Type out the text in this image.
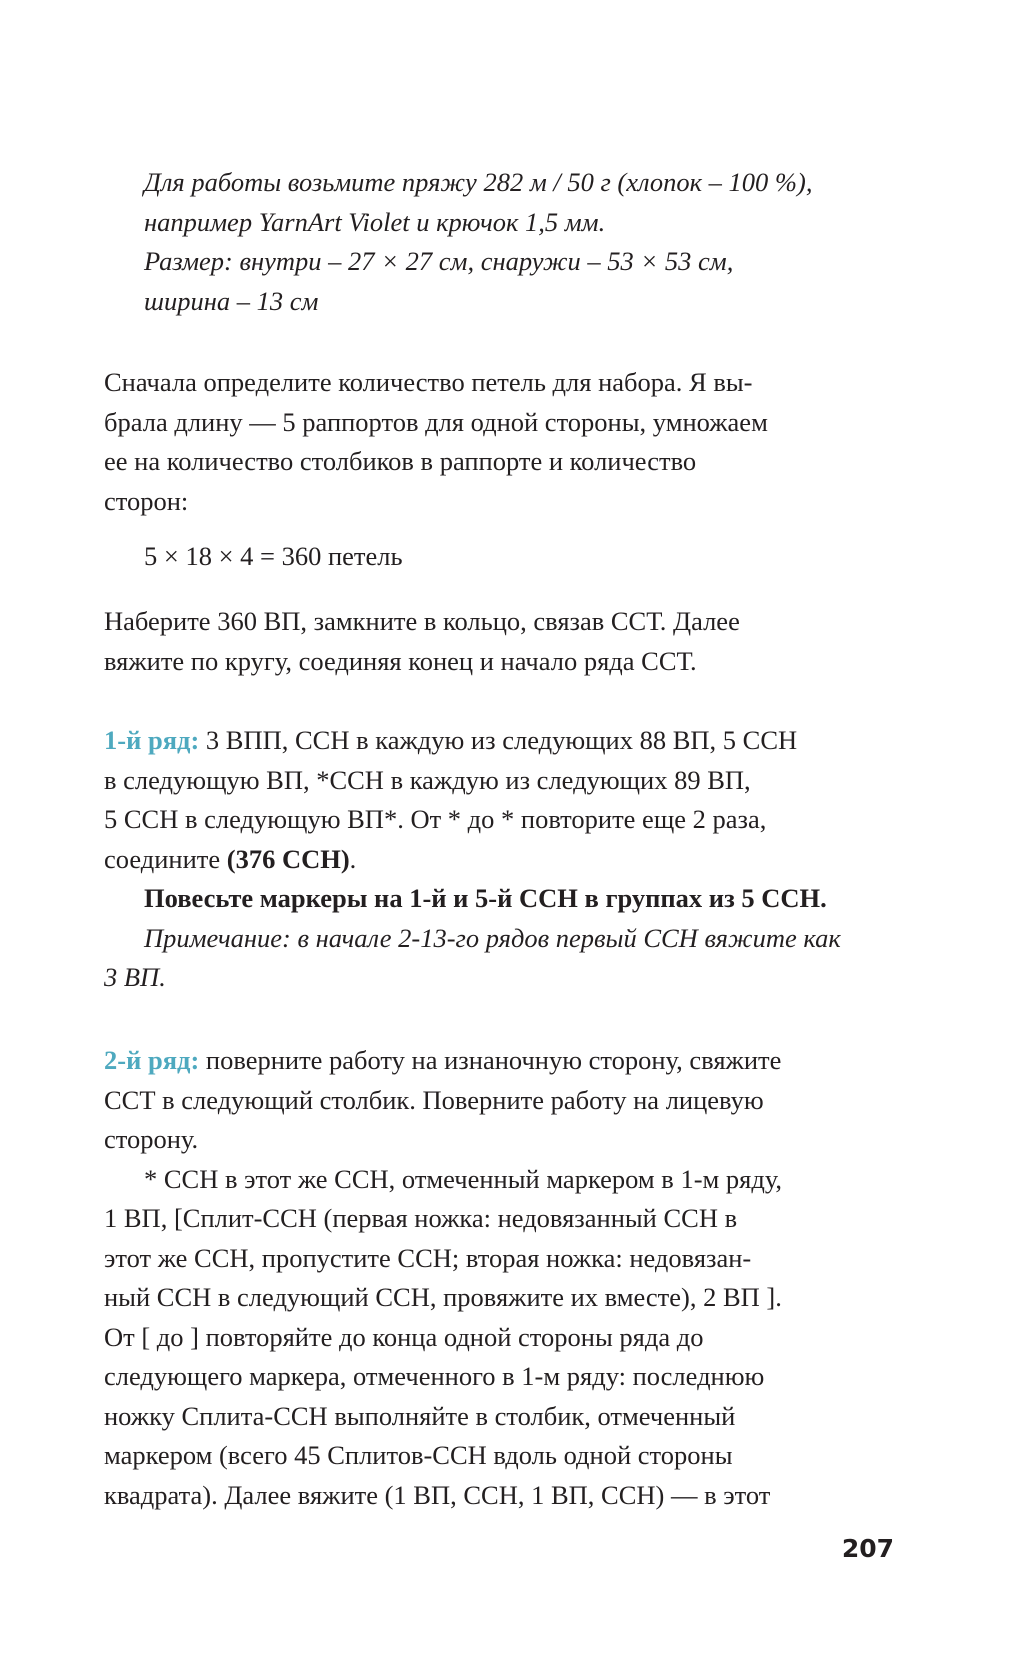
Для работы возьмите пряжу 282 м / 50 г (хлопок – 100 %),
например YarnArt Violet и крючок 1,5 мм.
Размер: внутри – 27 × 27 см, снаружи – 53 × 53 см,
ширина – 13 см
Сначала определите количество петель для набора. Я вы-
брала длину — 5 раппортов для одной стороны, умножаем
ее на количество столбиков в раппорте и количество
сторон:
5 × 18 × 4 = 360 петель
Наберите 360 ВП, замкните в кольцо, связав ССТ. Далее
вяжите по кругу, соединяя конец и начало ряда ССТ.
1-й ряд: 3 ВПП, ССН в каждую из следующих 88 ВП, 5 ССН
в следующую ВП, *ССН в каждую из следующих 89 ВП,
5 ССН в следующую ВП*. От * до * повторите еще 2 раза,
соедините (376 ССН).
Повесьте маркеры на 1-й и 5-й ССН в группах из 5 ССН.
Примечание: в начале 2-13-го рядов первый ССН вяжите как
3 ВП.
2-й ряд: поверните работу на изнаночную сторону, свяжите
ССТ в следующий столбик. Поверните работу на лицевую
сторону.
* ССН в этот же ССН, отмеченный маркером в 1-м ряду,
1 ВП, [Сплит-ССН (первая ножка: недовязанный ССН в
этот же ССН, пропустите ССН; вторая ножка: недовязан-
ный ССН в следующий ССН, провяжите их вместе), 2 ВП ].
От [ до ] повторяйте до конца одной стороны ряда до
следующего маркера, отмеченного в 1-м ряду: последнюю
ножку Сплита-ССН выполняйте в столбик, отмеченный
маркером (всего 45 Сплитов-ССН вдоль одной стороны
квадрата). Далее вяжите (1 ВП, ССН, 1 ВП, ССН) — в этот
207
